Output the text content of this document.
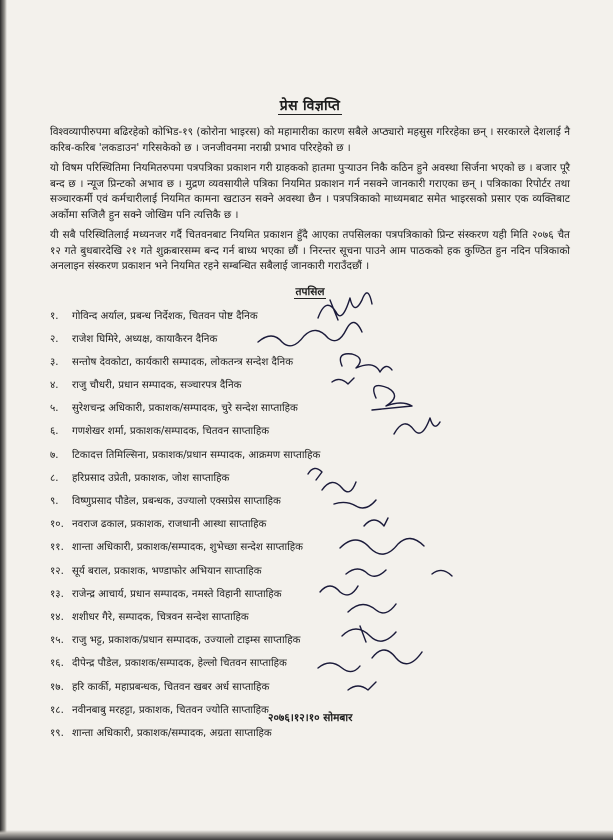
प्रेस विज्ञप्ति

विश्वव्यापीरुपमा बढिरहेको कोभिड-१९ (कोरोना भाइरस) को महामारीका कारण सबैले अप्ठ्यारो महसुस गरिरहेका छन् । सरकारले देशलाई नै करिब-करिब 'लकडाउन' गरिसकेको छ । जनजीवनमा नराम्री प्रभाव परिरहेको छ ।

यो विषम परिस्थितिमा नियमितरुपमा पत्रपत्रिका प्रकाशन गरी ग्राहकको हातमा पुऱ्याउन निकै कठिन हुने अवस्था सिर्जना भएको छ । बजार पूरै बन्द छ । न्यूज प्रिन्टको अभाव छ । मुद्रण व्यवसायीले पत्रिका नियमित प्रकाशन गर्न नसक्ने जानकारी गराएका छन् । पत्रिकाका रिपोर्टर तथा सञ्चारकर्मी एवं कर्मचारीलाई नियमित कामना खटाउन सक्ने अवस्था छैन । पत्रपत्रिकाको माध्यमबाट समेत भाइरसको प्रसार एक व्यक्तिबाट अर्कोमा सजिलै हुन सक्ने जोखिम पनि त्यत्तिकै छ ।

यी सबै परिस्थितिलाई मध्यनजर गर्दै चितवनबाट नियमित प्रकाशन हुँदै आएका तपसिलका पत्रपत्रिकाको प्रिन्ट संस्करण यही मिति २०७६ चैत १२ गते बुधबारदेखि २१ गते शुक्रबारसम्म बन्द गर्न बाध्य भएका छौं । निरन्तर सूचना पाउने आम पाठकको हक कुण्ठित हुन नदिन पत्रिकाको अनलाइन संस्करण प्रकाशन भने नियमित रहने सम्बन्धित सबैलाई जानकारी गराउँदछौं ।

तपसिल
१. गोविन्द अर्याल, प्रबन्ध निर्देशक, चितवन पोष्ट दैनिक
२. राजेश घिमिरे, अध्यक्ष, कायाकैरन दैनिक
३. सन्तोष देवकोटा, कार्यकारी सम्पादक, लोकतन्त्र सन्देश दैनिक
४. राजु चौधरी, प्रधान सम्पादक, सञ्चारपत्र दैनिक
५. सुरेशचन्द्र अधिकारी, प्रकाशक/सम्पादक, चुरे सन्देश साप्ताहिक
६. गणशेखर शर्मा, प्रकाशक/सम्पादक, चितवन साप्ताहिक
७. टिकादत्त तिमिल्सिना, प्रकाशक/प्रधान सम्पादक, आक्रमण साप्ताहिक
८. हरिप्रसाद उप्रेती, प्रकाशक, जोश साप्ताहिक
९. विष्णुप्रसाद पौडेल, प्रबन्धक, उज्यालो एक्सप्रेस साप्ताहिक
१०. नवराज ढकाल, प्रकाशक, राजधानी आस्था साप्ताहिक
११. शान्ता अधिकारी, प्रकाशक/सम्पादक, शुभेच्छा सन्देश साप्ताहिक
१२. सूर्य बराल, प्रकाशक, भण्डाफोर अभियान साप्ताहिक
१३. राजेन्द्र आचार्य, प्रधान सम्पादक, नमस्ते विहानी साप्ताहिक
१४. शशीधर गैरे, सम्पादक, चित्रवन सन्देश साप्ताहिक
१५. राजु भट्ट, प्रकाशक/प्रधान सम्पादक, उज्यालो टाइम्स साप्ताहिक
१६. दीपेन्द्र पौडेल, प्रकाशक/सम्पादक, हेल्लो चितवन साप्ताहिक
१७. हरि कार्की, महाप्रबन्धक, चितवन खबर अर्ध साप्ताहिक
१८. नवीनबाबु मरहट्टा, प्रकाशक, चितवन ज्योति साप्ताहिक
१९. शान्ता अधिकारी, प्रकाशक/सम्पादक, अग्रता साप्ताहिक
२०७६।१२।१० सोमबार
